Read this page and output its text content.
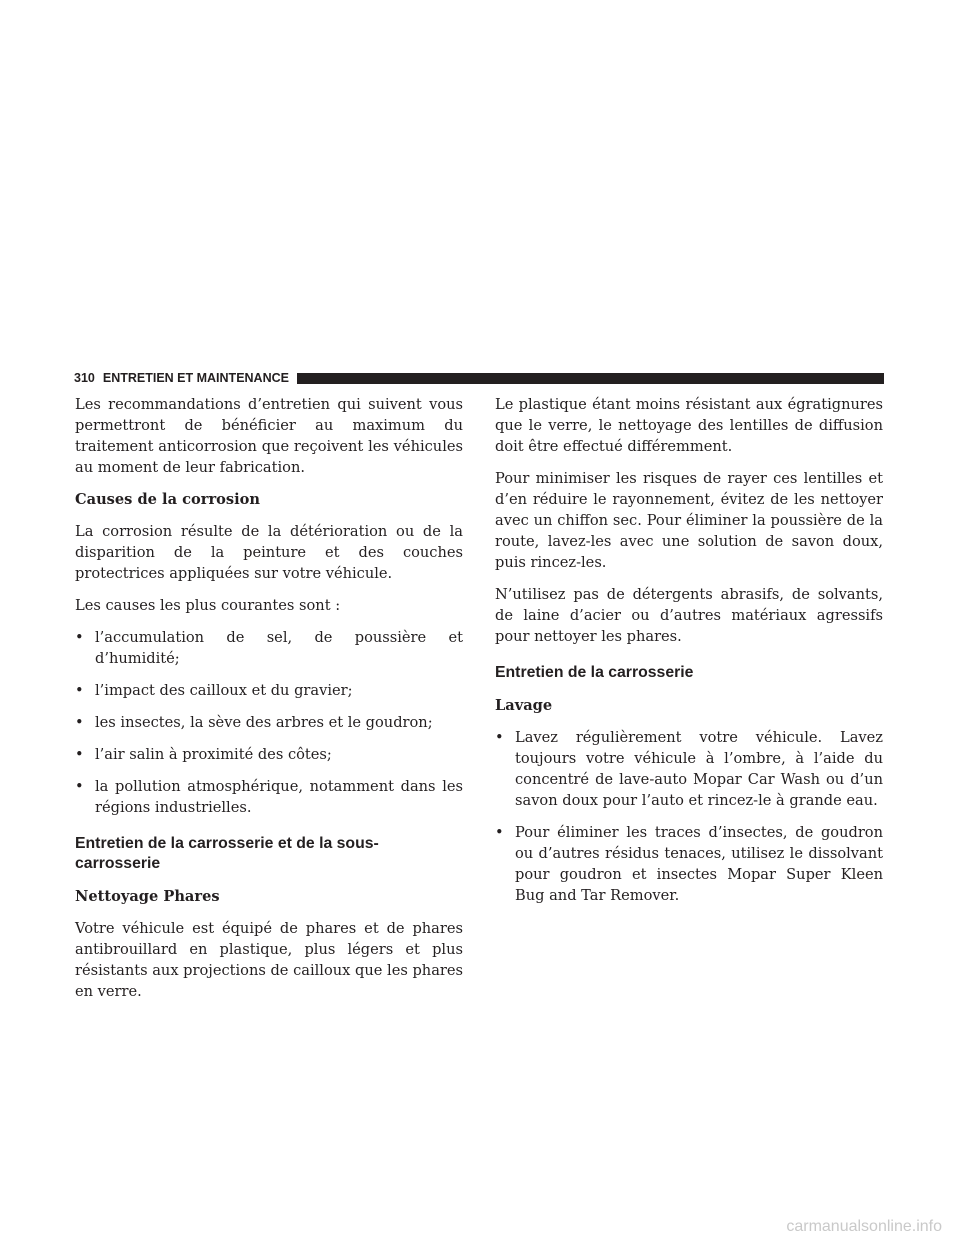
310 ENTRETIEN ET MAINTENANCE

Les recommandations d’entretien qui suivent vous permettront de bénéficier au maximum du traitement anticorrosion que reçoivent les véhicules au moment de leur fabrication.

Causes de la corrosion

La corrosion résulte de la détérioration ou de la disparition de la peinture et des couches protectrices appliquées sur votre véhicule.

Les causes les plus courantes sont :

• l’accumulation de sel, de poussière et d’humidité;
• l’impact des cailloux et du gravier;
• les insectes, la sève des arbres et le goudron;
• l’air salin à proximité des côtes;
• la pollution atmosphérique, notamment dans les régions industrielles.
Entretien de la carrosserie et de la sous-carrosserie
Nettoyage Phares

Votre véhicule est équipé de phares et de phares antibrouillard en plastique, plus légers et plus résistants aux projections de cailloux que les phares en verre.

Le plastique étant moins résistant aux égratignures que le verre, le nettoyage des lentilles de diffusion doit être effectué différemment.

Pour minimiser les risques de rayer ces lentilles et d’en réduire le rayonnement, évitez de les nettoyer avec un chiffon sec. Pour éliminer la poussière de la route, lavez-les avec une solution de savon doux, puis rincez-les.

N’utilisez pas de détergents abrasifs, de solvants, de laine d’acier ou d’autres matériaux agressifs pour nettoyer les phares.

Entretien de la carrosserie
Lavage
• Lavez régulièrement votre véhicule. Lavez toujours votre véhicule à l’ombre, à l’aide du concentré de lave-auto Mopar Car Wash ou d’un savon doux pour l’auto et rincez-le à grande eau.
• Pour éliminer les traces d’insectes, de goudron ou d’autres résidus tenaces, utilisez le dissolvant pour goudron et insectes Mopar Super Kleen Bug and Tar Remover.
carmanualsonline.info
